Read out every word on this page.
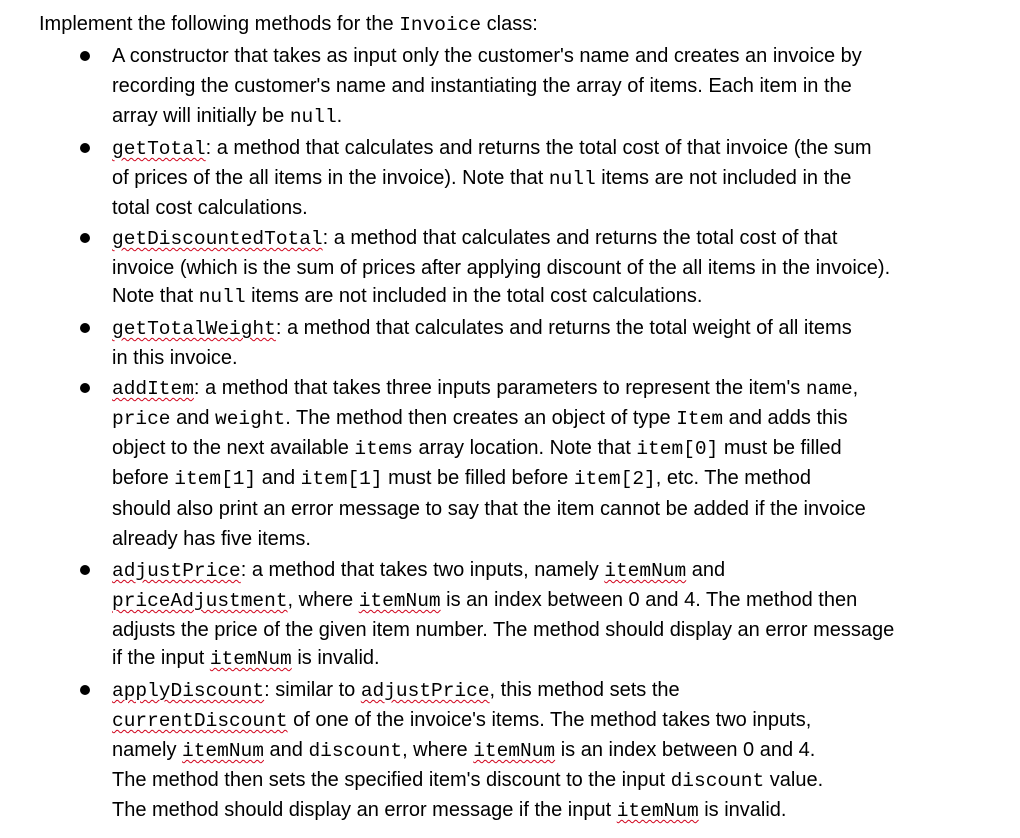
Implement the following methods for the Invoice class:
A constructor that takes as input only the customer's name and creates an invoice by
recording the customer's name and instantiating the array of items. Each item in the
array will initially be null.
getTotal: a method that calculates and returns the total cost of that invoice (the sum
of prices of the all items in the invoice). Note that null items are not included in the
total cost calculations.
getDiscountedTotal: a method that calculates and returns the total cost of that
invoice (which is the sum of prices after applying discount of the all items in the invoice).
Note that null items are not included in the total cost calculations.
getTotalWeight: a method that calculates and returns the total weight of all items
in this invoice.
addItem: a method that takes three inputs parameters to represent the item's name,
price and weight. The method then creates an object of type Item and adds this
object to the next available items array location. Note that item[0] must be filled
before item[1] and item[1] must be filled before item[2], etc. The method
should also print an error message to say that the item cannot be added if the invoice
already has five items.
adjustPrice: a method that takes two inputs, namely itemNum and
priceAdjustment, where itemNum is an index between 0 and 4. The method then
adjusts the price of the given item number. The method should display an error message
if the input itemNum is invalid.
applyDiscount: similar to adjustPrice, this method sets the
currentDiscount of one of the invoice's items. The method takes two inputs,
namely itemNum and discount, where itemNum is an index between 0 and 4.
The method then sets the specified item's discount to the input discount value.
The method should display an error message if the input itemNum is invalid.
